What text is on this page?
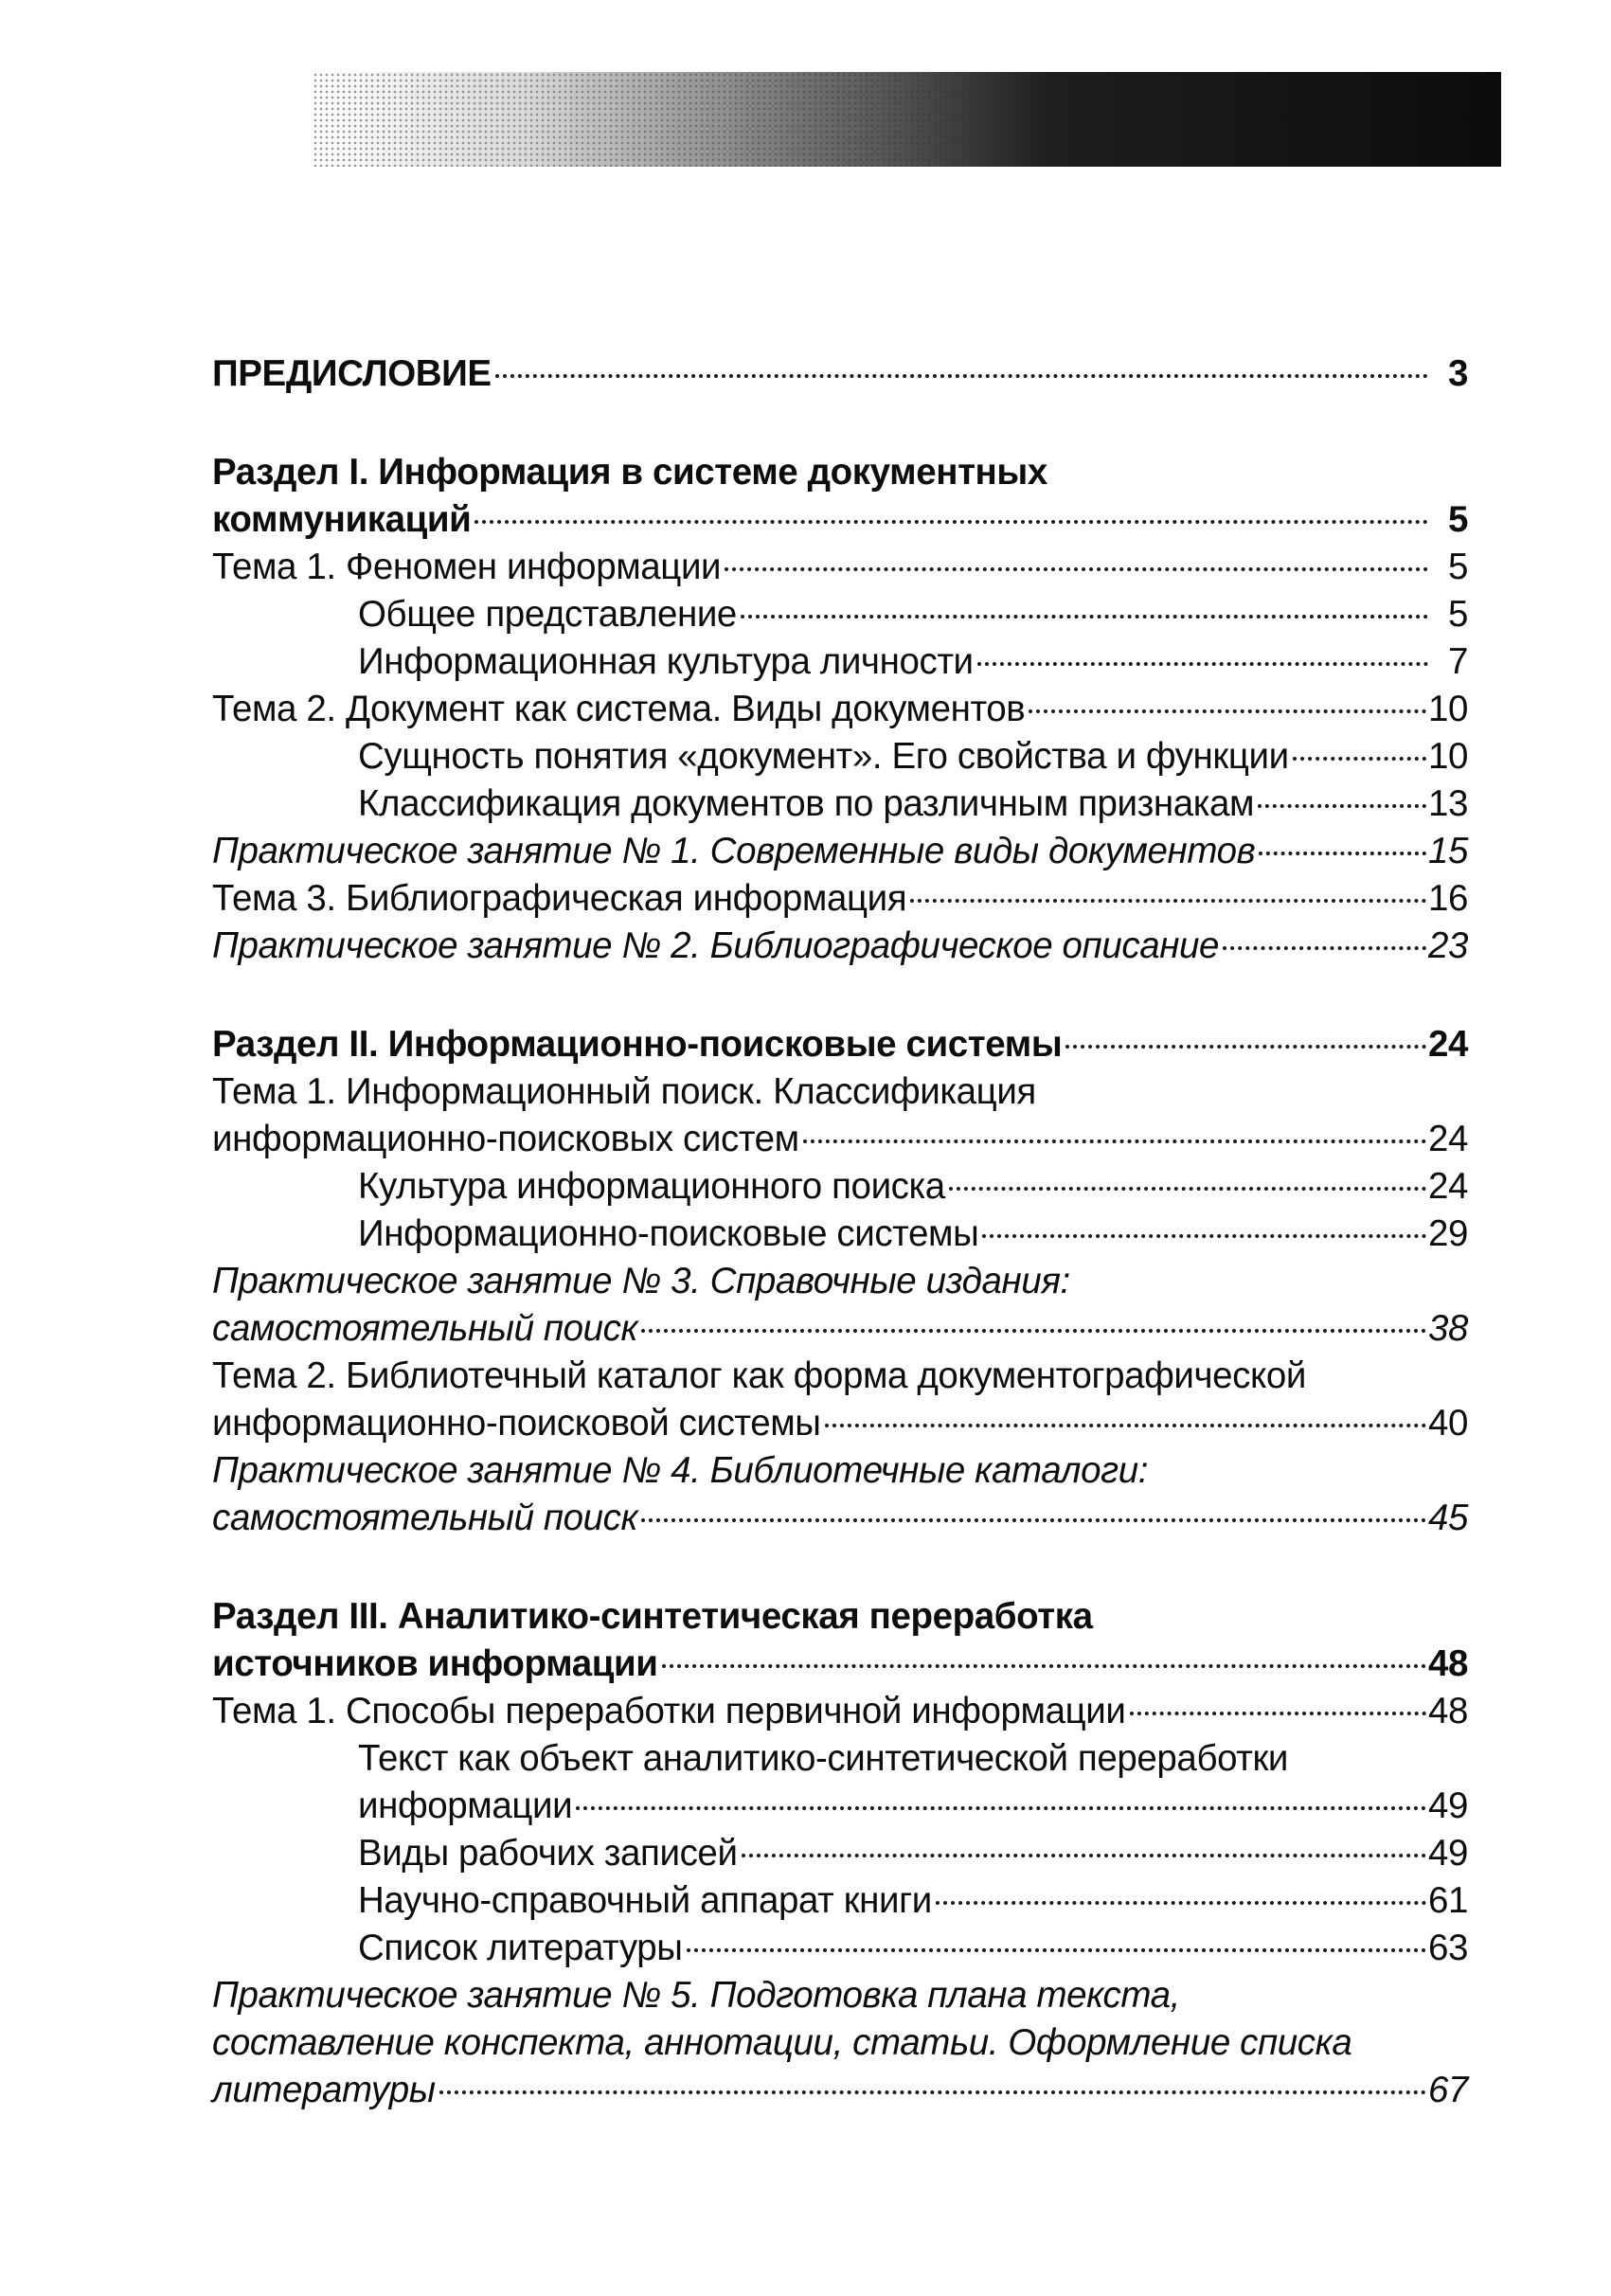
ПРЕДИСЛОВИЕ	3
Раздел I. Информация в системе документных
коммуникаций	5
Тема 1. Феномен информации	5
Общее представление	5
Информационная культура личности	7
Тема 2. Документ как система. Виды документов	10
Сущность понятия «документ». Его свойства и функции	10
Классификация документов по различным признакам	13
Практическое занятие № 1. Современные виды документов	15
Тема 3. Библиографическая информация	16
Практическое занятие № 2. Библиографическое описание	23
Раздел II. Информационно-поисковые системы	24
Тема 1. Информационный поиск. Классификация
информационно-поисковых систем	24
Культура информационного поиска	24
Информационно-поисковые системы	29
Практическое занятие № 3. Справочные издания:
самостоятельный поиск	38
Тема 2. Библиотечный каталог как форма документографической
информационно-поисковой системы	40
Практическое занятие № 4. Библиотечные каталоги:
самостоятельный поиск	45
Раздел III. Аналитико-синтетическая переработка
источников информации	48
Тема 1. Способы переработки первичной информации	48
Текст как объект аналитико-синтетической переработки
информации	49
Виды рабочих записей	49
Научно-справочный аппарат книги	61
Список литературы	63
Практическое занятие № 5. Подготовка плана текста,
составление конспекта, аннотации, статьи. Оформление списка
литературы	67
